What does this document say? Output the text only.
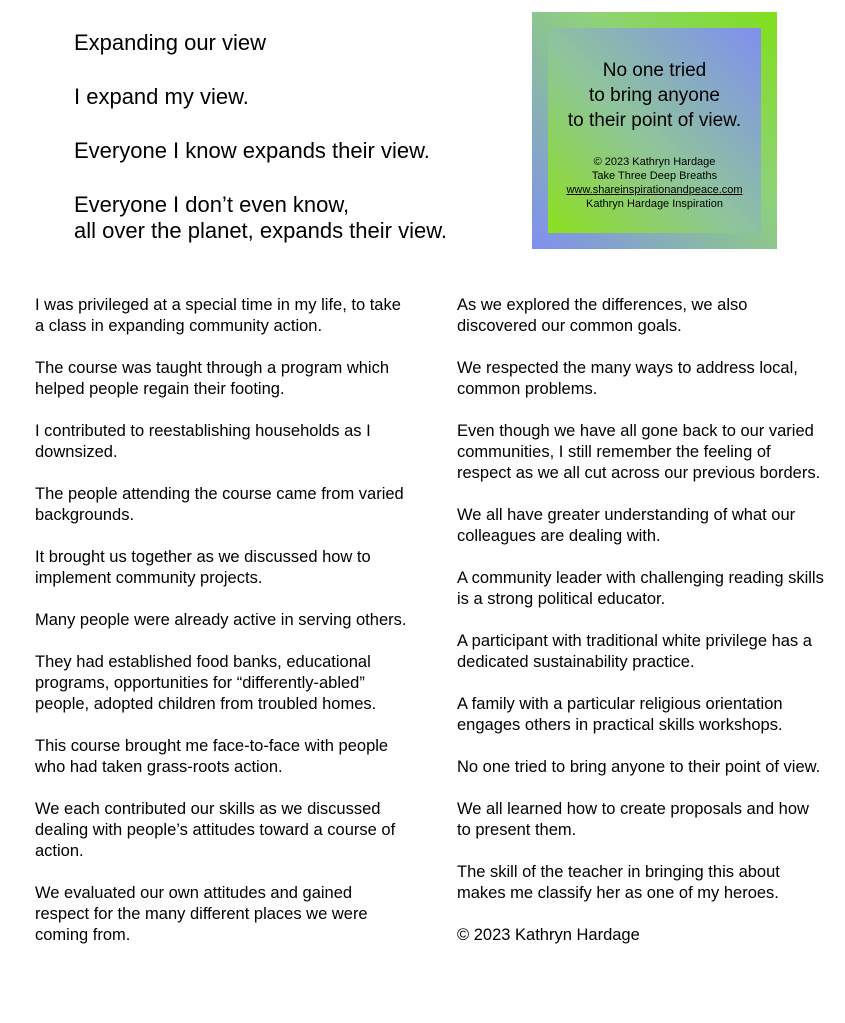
Expanding our view
I expand my view.
Everyone I know expands their view.
Everyone I don’t even know,
all over the planet, expands their view.
No one tried
to bring anyone
to their point of view.
© 2023 Kathryn Hardage
Take Three Deep Breaths
www.shareinspirationandpeace.com
Kathryn Hardage Inspiration

I was privileged at a special time in my life, to take a class in expanding community action.

The course was taught through a program which helped people regain their footing.

I contributed to reestablishing households as I downsized.

The people attending the course came from varied backgrounds.

It brought us together as we discussed how to implement community projects.

Many people were already active in serving others.

They had established food banks, educational programs, opportunities for “differently-abled” people, adopted children from troubled homes.

This course brought me face-to-face with people who had taken grass-roots action.

We each contributed our skills as we discussed dealing with people’s attitudes toward a course of action.

We evaluated our own attitudes and gained respect for the many different places we were coming from.

As we explored the differences, we also discovered our common goals.

We respected the many ways to address local, common problems.

Even though we have all gone back to our varied communities, I still remember the feeling of respect as we all cut across our previous borders.

We all have greater understanding of what our colleagues are dealing with.

A community leader with challenging reading skills is a strong political educator.

A participant with traditional white privilege has a dedicated sustainability practice.

A family with a particular religious orientation engages others in practical skills workshops.

No one tried to bring anyone to their point of view.

We all learned how to create proposals and how to present them.

The skill of the teacher in bringing this about makes me classify her as one of my heroes.

© 2023 Kathryn Hardage
